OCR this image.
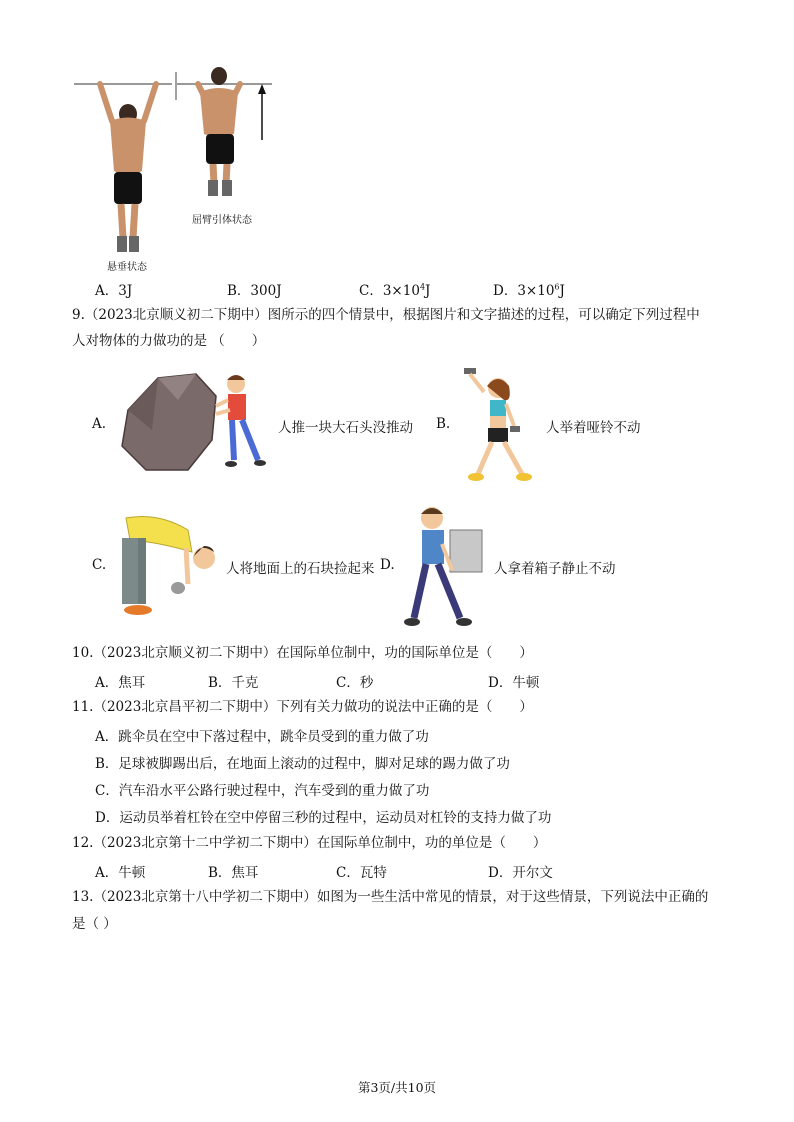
屈臂引体状态
悬垂状态
A．3J	B．300J	C．$3\times 10^4J$	D．$3\times 10^6J$
9.（2023北京顺义初二下期中）图所示的四个情景中，根据图片和文字描述的过程，可以确定下列过程中
人对物体的力做功的是 （　　）
A.	人推一块大石头没推动 B.	人举着哑铃不动
C.	人将地面上的石块捡起来 D.	人拿着箱子静止不动
10.（2023北京顺义初二下期中）在国际单位制中，功的国际单位是（　　）
A．焦耳	B．千克	C．秒	D．牛顿
11.（2023北京昌平初二下期中）下列有关力做功的说法中正确的是（　　）
A．跳伞员在空中下落过程中，跳伞员受到的重力做了功
B．足球被脚踢出后，在地面上滚动的过程中，脚对足球的踢力做了功
C．汽车沿水平公路行驶过程中，汽车受到的重力做了功
D．运动员举着杠铃在空中停留三秒的过程中，运动员对杠铃的支持力做了功
12.（2023北京第十二中学初二下期中）在国际单位制中，功的单位是（　　）
A．牛顿	B．焦耳	C．瓦特	D．开尔文
13.（2023北京第十八中学初二下期中）如图为一些生活中常见的情景，对于这些情景，下列说法中正确的
是（ ）
第3页/共10页
